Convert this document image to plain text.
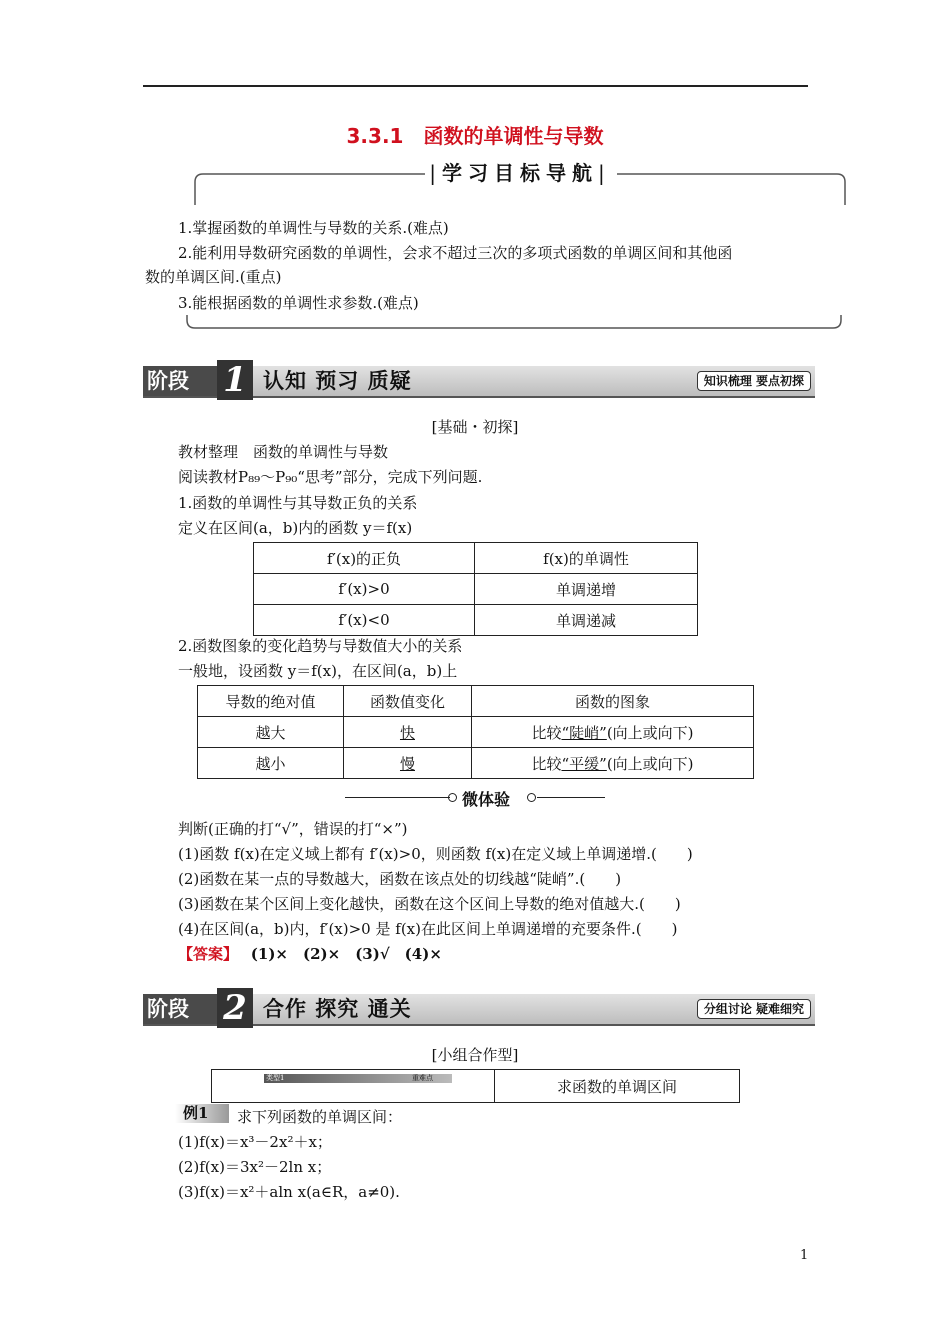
3.3.1　函数的单调性与导数
|学习目标导航|
1.掌握函数的单调性与导数的关系.(难点)
2.能利用导数研究函数的单调性，会求不超过三次的多项式函数的单调区间和其他函
数的单调区间.(重点)
3.能根据函数的单调性求参数.(难点)
阶段	1 认知 预习 质疑	知识梳理 要点初探
[基础・初探]
教材整理　函数的单调性与导数
阅读教材P₈₉～P₉₀“思考”部分，完成下列问题.
1.函数的单调性与其导数正负的关系
定义在区间(a，b)内的函数 y＝f(x)
f′(x)的正负	f(x)的单调性
f′(x)>0	单调递增
f′(x)<0	单调递减
2.函数图象的变化趋势与导数值大小的关系
一般地，设函数 y＝f(x)，在区间(a，b)上
导数的绝对值	函数值变化	函数的图象
越大	快	比较“陡峭”(向上或向下)
越小	慢	比较“平缓”(向上或向下)
微体验
判断(正确的打“√”，错误的打“×”)
(1)函数 f(x)在定义域上都有 f′(x)>0，则函数 f(x)在定义域上单调递增.(　　)
(2)函数在某一点的导数越大，函数在该点处的切线越“陡峭”.(　　)
(3)函数在某个区间上变化越快，函数在这个区间上导数的绝对值越大.(　　)
(4)在区间(a，b)内，f′(x)>0 是 f(x)在此区间上单调递增的充要条件.(　　)
【答案】 (1)×　(2)×　(3)√　(4)×
阶段	2 合作 探究 通关	分组讨论 疑难细究
[小组合作型]
类型1	重难点	求函数的单调区间
例1	求下列函数的单调区间：
(1)f(x)＝x³－2x²＋x；
(2)f(x)＝3x²－2ln x；
(3)f(x)＝x²＋aln x(a∈R，a≠0).
1
